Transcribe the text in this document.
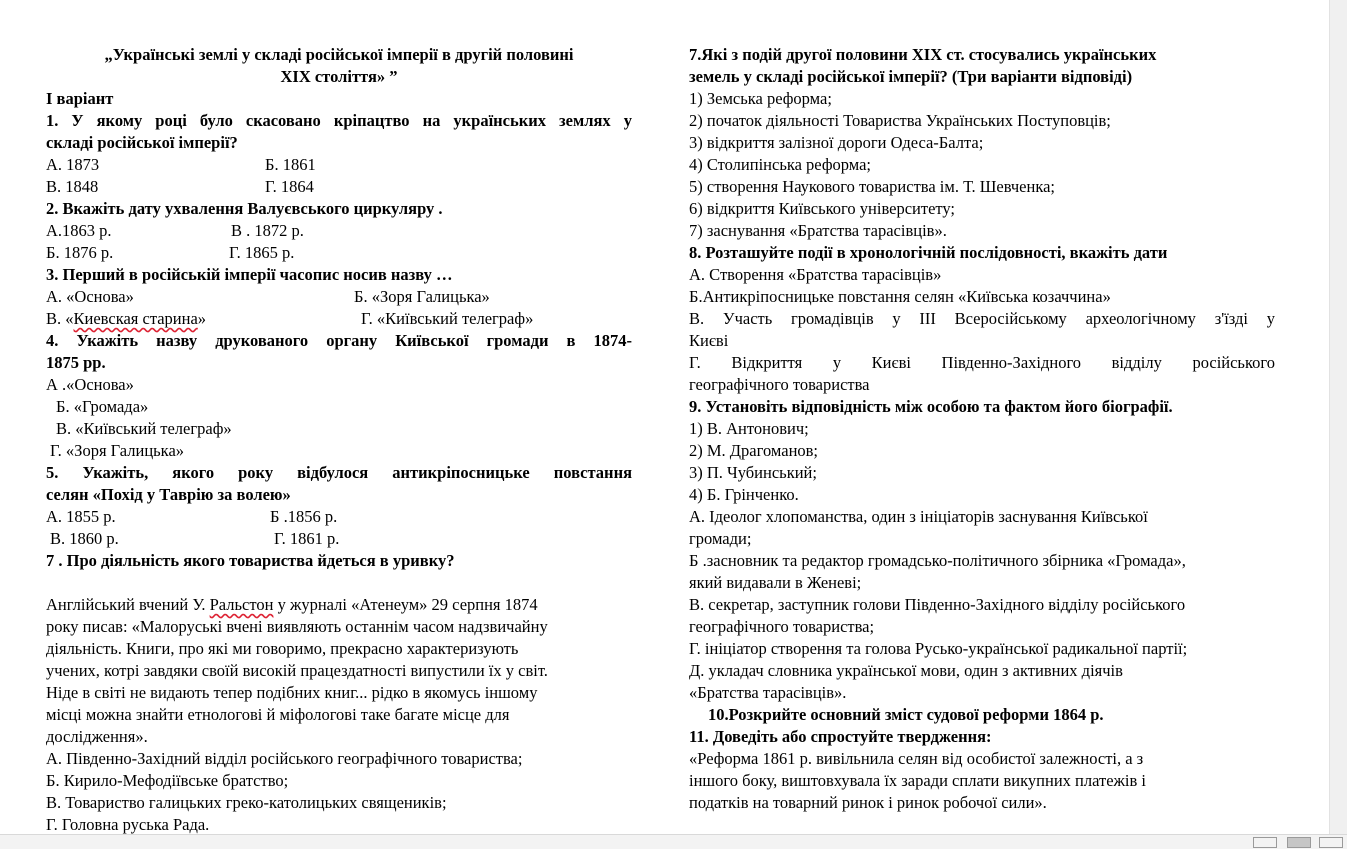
„Українські землі у складі російської імперії в другій половині
XIX століття» ”
І варіант
1. У якому році було скасовано кріпацтво на українських землях у
складі російської імперії?
А. 1873	Б. 1861
В. 1848	Г. 1864
2. Вкажіть дату ухвалення Валуєвського циркуляру .
А.1863 р.	В . 1872 р.
Б. 1876 р.	Г. 1865 р.
3. Перший в російській імперії часопис носив назву …
А. «Основа»	Б. «Зоря Галицька»
В. «Киевская старина»	Г. «Київський телеграф»
4. Укажіть назву друкованого органу Київської громади в 1874-
1875 рр.
А .«Основа»
Б. «Громада»
В. «Київський телеграф»
Г. «Зоря Галицька»
5. Укажіть, якого року відбулося антикріпосницьке повстання
селян «Похід у Таврію за волею»
А. 1855 р.	Б .1856 р.
В. 1860 р.	Г. 1861 р.
7 . Про діяльність якого товариства йдеться в уривку?
Англійський вчений У. Ральстон у журналі «Атенеум» 29 серпня 1874
року писав: «Малоруські вчені виявляють останнім часом надзвичайну
діяльність. Книги, про які ми говоримо, прекрасно характеризують
учених, котрі завдяки своїй високій працездатності випустили їх у світ.
Ніде в світі не видають тепер подібних книг... рідко в якомусь іншому
місці можна знайти етнологові й міфологові таке багате місце для
дослідження».
А. Південно-Західний відділ російського географічного товариства;
Б. Кирило-Мефодіївське братство;
В. Товариство галицьких греко-католицьких священиків;
Г. Головна руська Рада.
7.Які з подій другої половини XIX ст. стосувались українських
земель у складі російської імперії? (Три варіанти відповіді)
1) Земська реформа;
2) початок діяльності Товариства Українських Поступовців;
3) відкриття залізної дороги Одеса-Балта;
4) Столипінська реформа;
5) створення Наукового товариства ім. Т. Шевченка;
6) відкриття Київського університету;
7) заснування «Братства тарасівців».
8. Розташуйте події в хронологічній послідовності, вкажіть дати
А. Створення «Братства тарасівців»
Б.Антикріпосницьке повстання селян «Київська козаччина»
В. Участь громадівців у ІІІ Всеросійському археологічному з'їзді у
Києві
Г. Відкриття у Києві Південно-Західного відділу російського
географічного товариства
9. Установіть відповідність між особою та фактом його біографії.
1) В. Антонович;
2) М. Драгоманов;
3) П. Чубинський;
4) Б. Грінченко.
А. Ідеолог хлопоманства, один з ініціаторів заснування Київської
громади;
Б .засновник та редактор громадсько-політичного збірника «Громада»,
який видавали в Женеві;
В. секретар, заступник голови Південно-Західного відділу російського
географічного товариства;
Г. ініціатор створення та голова Русько-української радикальної партії;
Д. укладач словника української мови, один з активних діячів
«Братства тарасівців».
10.Розкрийте основний зміст судової реформи 1864 р.
11. Доведіть або спростуйте твердження:
«Реформа 1861 р. вивільнила селян від особистої залежності, а з
іншого боку, виштовхувала їх заради сплати викупних платежів і
податків на товарний ринок і ринок робочої сили».
